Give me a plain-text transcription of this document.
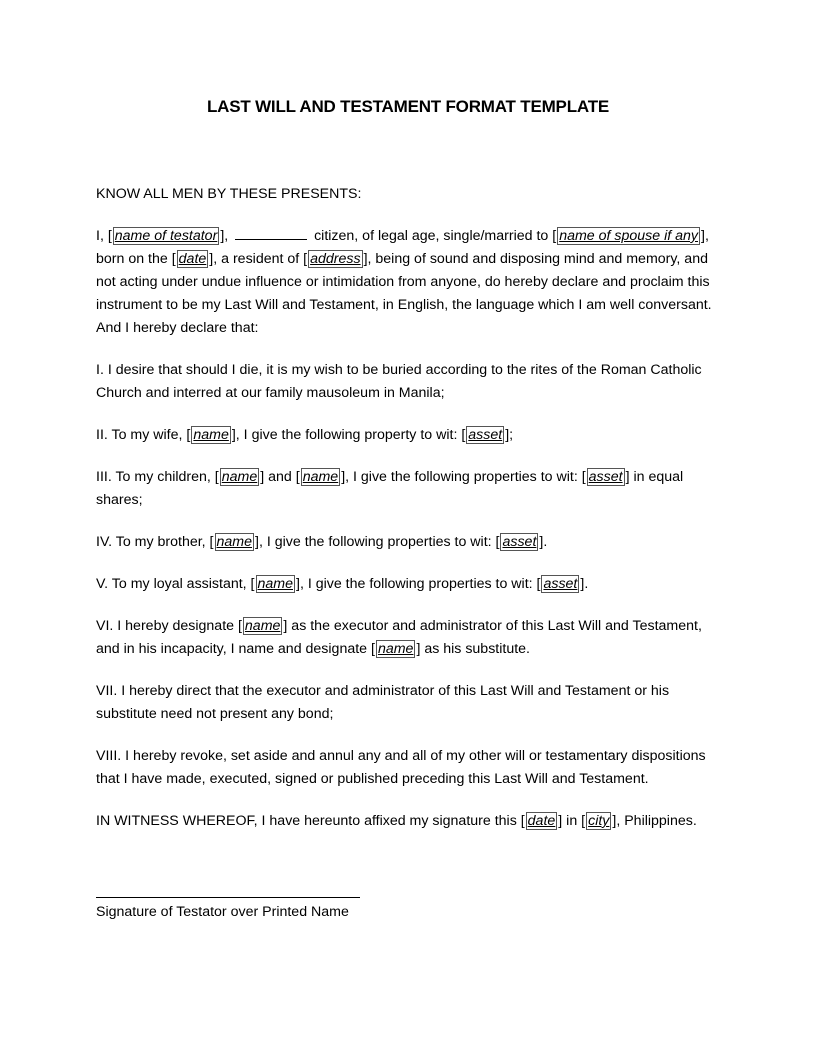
LAST WILL AND TESTAMENT FORMAT TEMPLATE

KNOW ALL MEN BY THESE PRESENTS:

I, [ name of testator ],	citizen, of legal age, single/married to [ name of spouse if any ], born on the [ date ], a resident of [ address ], being of sound and disposing mind and memory, and not acting under undue influence or intimidation from anyone, do hereby declare and proclaim this instrument to be my Last Will and Testament, in English, the language which I am well conversant. And I hereby declare that:

I. I desire that should I die, it is my wish to be buried according to the rites of the Roman Catholic Church and interred at our family mausoleum in Manila;

II. To my wife, [ name ], I give the following property to wit: [ asset ];

III. To my children, [ name ] and [ name ], I give the following properties to wit: [ asset ] in equal shares;

IV. To my brother, [ name ], I give the following properties to wit: [ asset ].

V. To my loyal assistant, [ name ], I give the following properties to wit: [ asset ].

VI. I hereby designate [ name ] as the executor and administrator of this Last Will and Testament, and in his incapacity, I name and designate [ name ] as his substitute.

VII. I hereby direct that the executor and administrator of this Last Will and Testament or his substitute need not present any bond;

VIII. I hereby revoke, set aside and annul any and all of my other will or testamentary dispositions that I have made, executed, signed or published preceding this Last Will and Testament.

IN WITNESS WHEREOF, I have hereunto affixed my signature this [ date ] in [ city ], Philippines.

Signature of Testator over Printed Name
